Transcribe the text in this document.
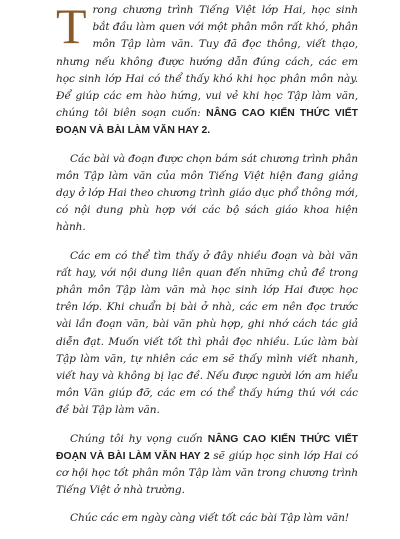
Trong chương trình Tiếng Việt lớp Hai, học sinh bắt đầu làm quen với một phân môn rất khó, phân môn Tập làm văn. Tuy đã đọc thông, viết thạo, nhưng nếu không được hướng dẫn đúng cách, các em học sinh lớp Hai có thể thấy khó khi học phân môn này. Để giúp các em hào hứng, vui vẻ khi học Tập làm văn, chúng tôi biên soạn cuốn: NÂNG CAO KIẾN THỨC VIẾT ĐOẠN VÀ BÀI LÀM VĂN HAY 2.

Các bài và đoạn được chọn bám sát chương trình phân môn Tập làm văn của môn Tiếng Việt hiện đang giảng dạy ở lớp Hai theo chương trình giáo dục phổ thông mới, có nội dung phù hợp với các bộ sách giáo khoa hiện hành.

Các em có thể tìm thấy ở đây nhiều đoạn và bài văn rất hay, với nội dung liên quan đến những chủ đề trong phân môn Tập làm văn mà học sinh lớp Hai được học trên lớp. Khi chuẩn bị bài ở nhà, các em nên đọc trước vài lần đoạn văn, bài văn phù hợp, ghi nhớ cách tác giả diễn đạt. Muốn viết tốt thì phải đọc nhiều. Lúc làm bài Tập làm văn, tự nhiên các em sẽ thấy mình viết nhanh, viết hay và không bị lạc đề. Nếu được người lớn am hiểu môn Văn giúp đỡ, các em có thể thấy hứng thú với các đề bài Tập làm văn.

Chúng tôi hy vọng cuốn NÂNG CAO KIẾN THỨC VIẾT ĐOẠN VÀ BÀI LÀM VĂN HAY 2 sẽ giúp học sinh lớp Hai có cơ hội học tốt phân môn Tập làm văn trong chương trình Tiếng Việt ở nhà trường.

Chúc các em ngày càng viết tốt các bài Tập làm văn!
